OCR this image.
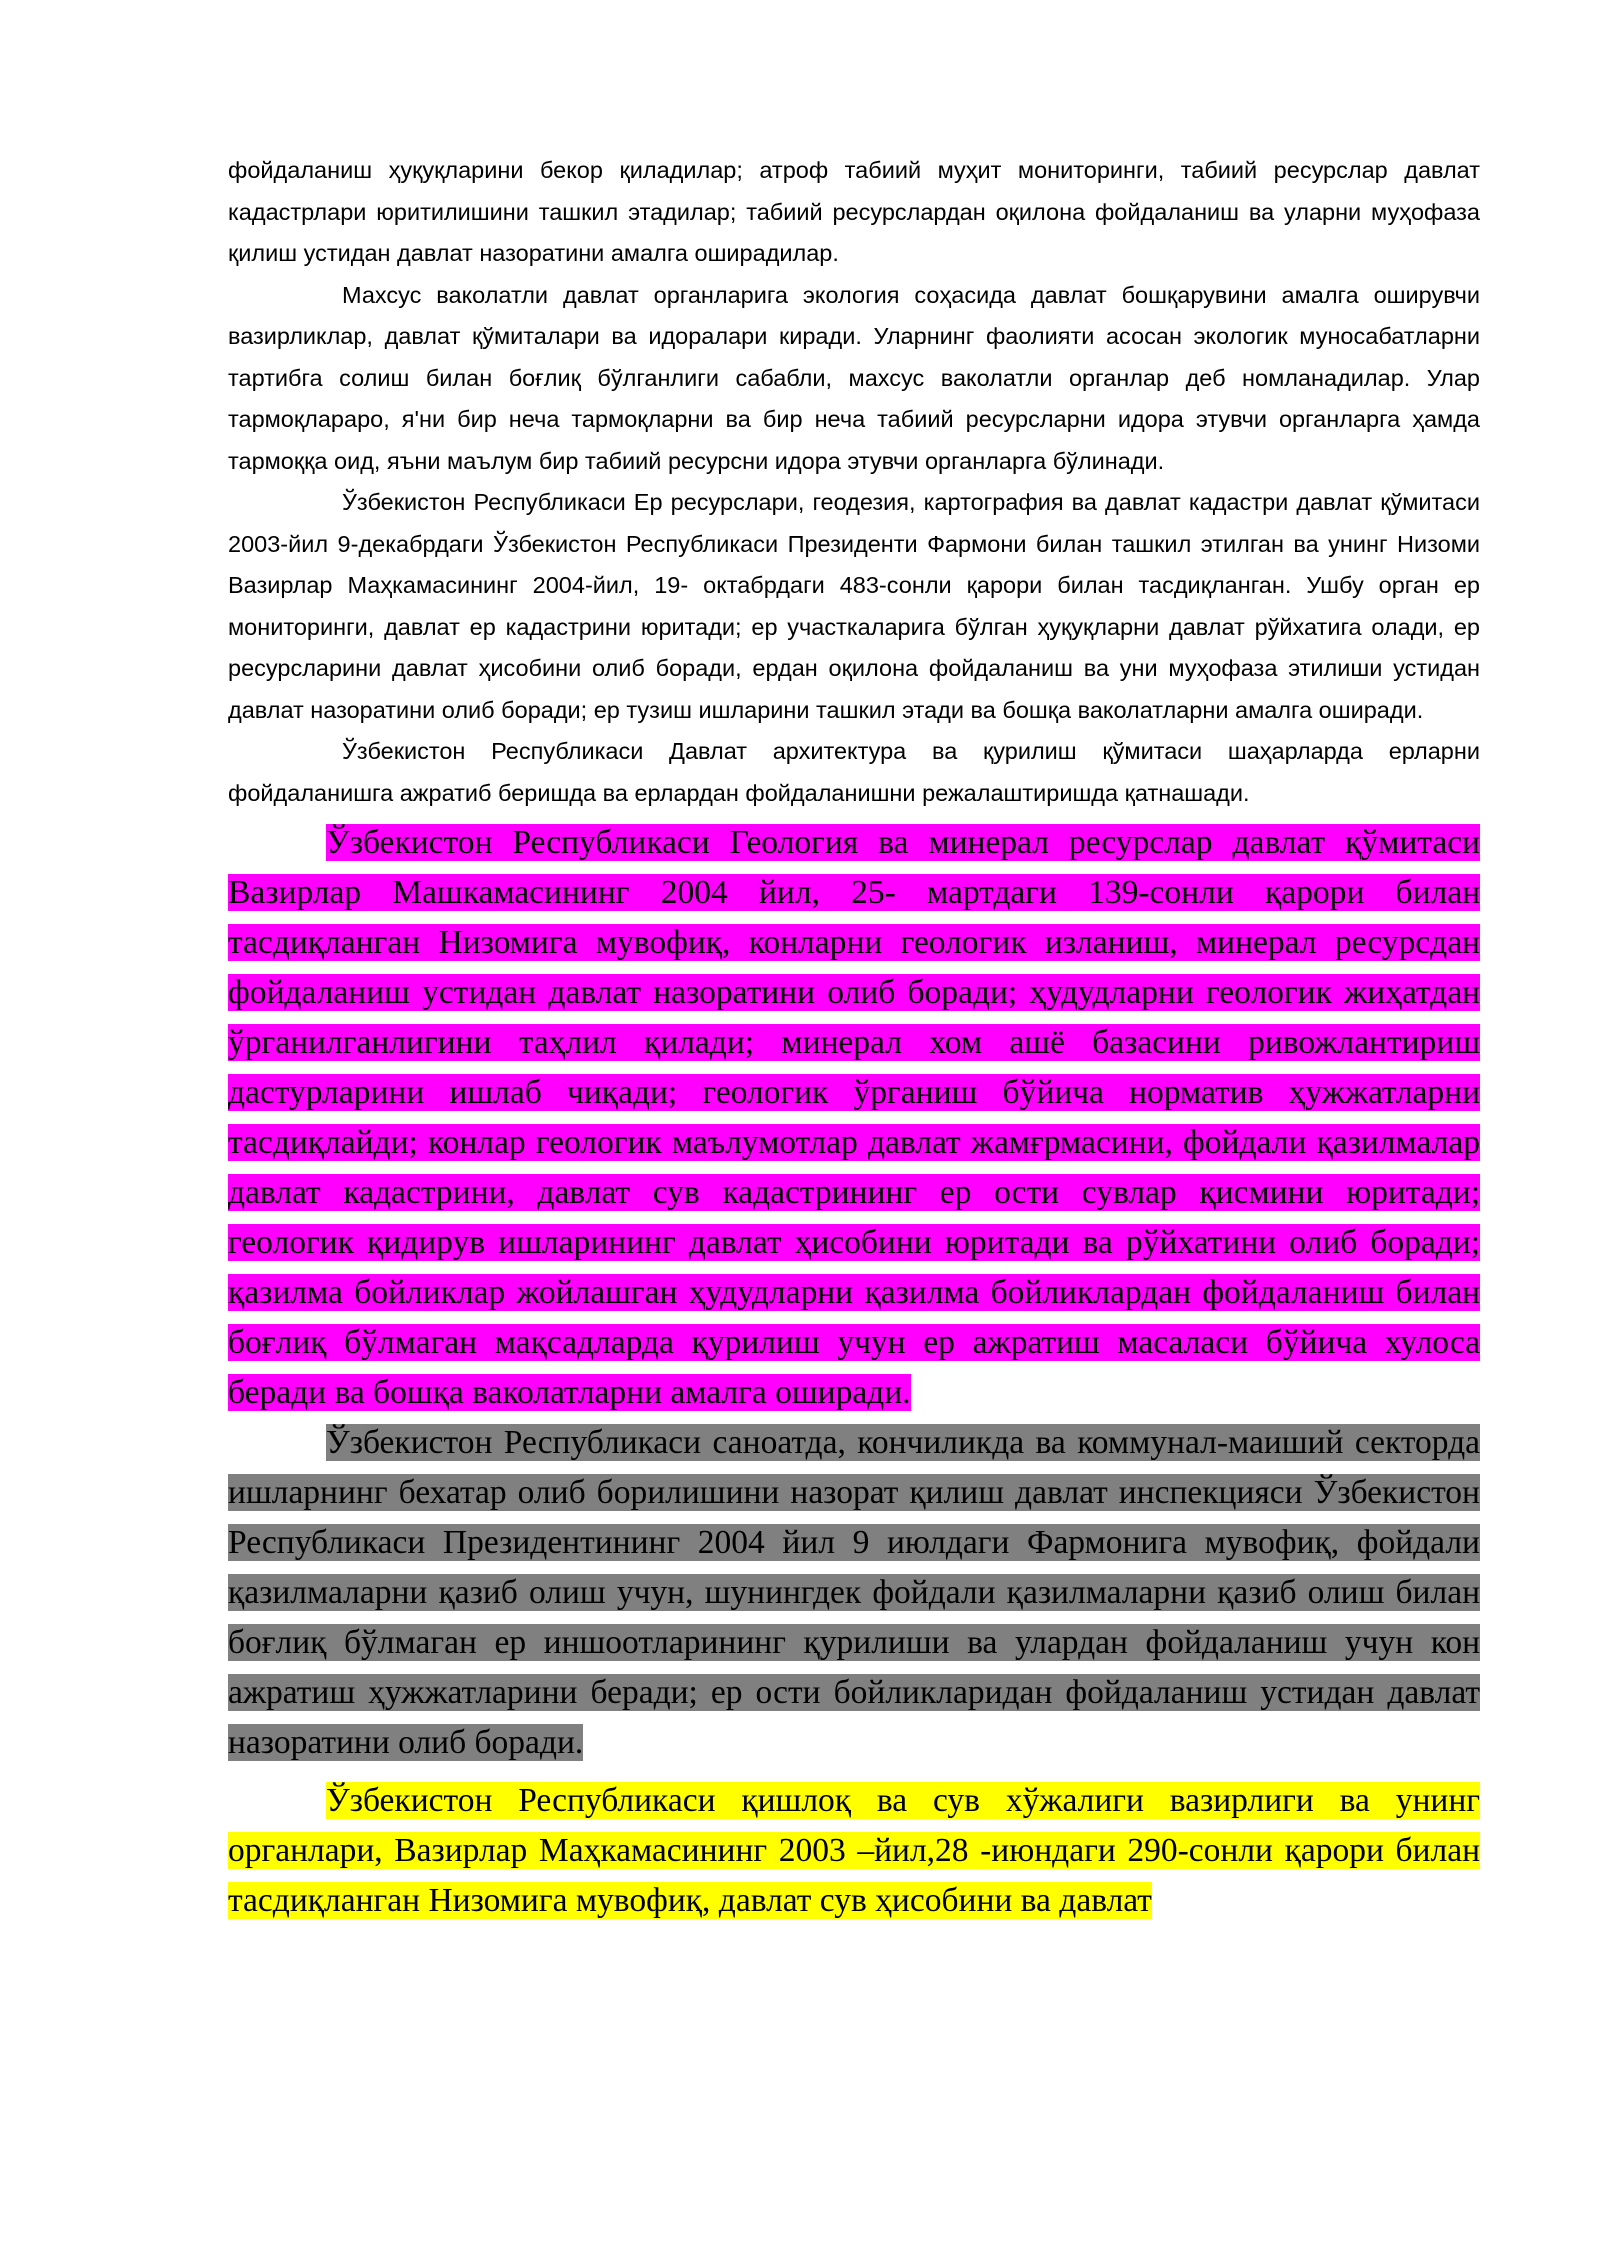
фойдаланиш ҳуқуқларини бекор қиладилар; атроф табиий муҳит мониторинги, табиий ресурслар давлат кадастрлари юритилишини ташкил этадилар; табиий ресурслардан оқилона фойдаланиш ва уларни муҳофаза қилиш устидан давлат назоратини амалга оширадилар.

Махсус ваколатли давлат органларига экология соҳасида давлат бошқарувини амалга оширувчи вазирликлар, давлат қўмиталари ва идоралари киради. Уларнинг фаолияти асосан экологик муносабатларни тартибга солиш билан боғлиқ бўлганлиги сабабли, махсус ваколатли органлар деб номланадилар. Улар тармоқлараро, я'ни бир неча тармоқларни ва бир неча табиий ресурсларни идора этувчи органларга ҳамда тармоққа оид, яъни маълум бир табиий ресурсни идора этувчи органларга бўлинади.

Ўзбекистон Республикаси Ер ресурслари, геодезия, картография ва давлат кадастри давлат қўмитаси 2003-йил 9-декабрдаги Ўзбекистон Республикаси Президенти Фармони билан ташкил этилган ва унинг Низоми Вазирлар Маҳкамасининг 2004-йил, 19- октабрдаги 483-сонли қарори билан тасдиқланган. Ушбу орган ер мониторинги, давлат ер кадастрини юритади; ер участкаларига бўлган ҳуқуқларни давлат рўйхатига олади, ер ресурсларини давлат ҳисобини олиб боради, ердан оқилона фойдаланиш ва уни муҳофаза этилиши устидан давлат назоратини олиб боради; ер тузиш ишларини ташкил этади ва бошқа ваколатларни амалга оширади.

Ўзбекистон Республикаси Давлат архитектура ва қурилиш қўмитаси шаҳарларда ерларни фойдаланишга ажратиб беришда ва ерлардан фойдаланишни режалаштиришда қатнашади.

Ўзбекистон Республикаси Геология ва минерал ресурслар давлат қўмитаси Вазирлар Машкамасининг 2004 йил, 25- мартдаги 139-сонли қарори билан тасдиқланган Низомига мувофиқ, конларни геологик изланиш, минерал ресурсдан фойдаланиш устидан давлат назоратини олиб боради; ҳудудларни геологик жиҳатдан ўрганилганлигини таҳлил қилади; минерал хом ашё базасини ривожлантириш дастурларини ишлаб чиқади; геологик ўрганиш бўйича норматив ҳужжатларни тасдиқлайди; конлар геологик маълумотлар давлат жамғрмасини, фойдали қазилмалар давлат кадастрини, давлат сув кадастрининг ер ости сувлар қисмини юритади; геологик қидирув ишларининг давлат ҳисобини юритади ва рўйхатини олиб боради; қазилма бойликлар жойлашган ҳудудларни қазилма бойликлардан фойдаланиш билан боғлиқ бўлмаган мақсадларда қурилиш учун ер ажратиш масаласи бўйича хулоса беради ва бошқа ваколатларни амалга оширади.

Ўзбекистон Республикаси саноатда, кончиликда ва коммунал-маиший секторда ишларнинг бехатар олиб борилишини назорат қилиш давлат инспекцияси Ўзбекистон Республикаси Президентининг 2004 йил 9 июлдаги Фармонига мувофиқ, фойдали қазилмаларни қазиб олиш учун, шунингдек фойдали қазилмаларни қазиб олиш билан боғлиқ бўлмаган ер иншоотларининг қурилиши ва улардан фойдаланиш учун кон ажратиш ҳужжатларини беради; ер ости бойликларидан фойдаланиш устидан давлат назоратини олиб боради.

Ўзбекистон Республикаси қишлоқ ва сув хўжалиги вазирлиги ва унинг органлари, Вазирлар Маҳкамасининг 2003 –йил,28 -июндаги 290-сонли қарори билан тасдиқланган Низомига мувофиқ, давлат сув ҳисобини ва давлат
